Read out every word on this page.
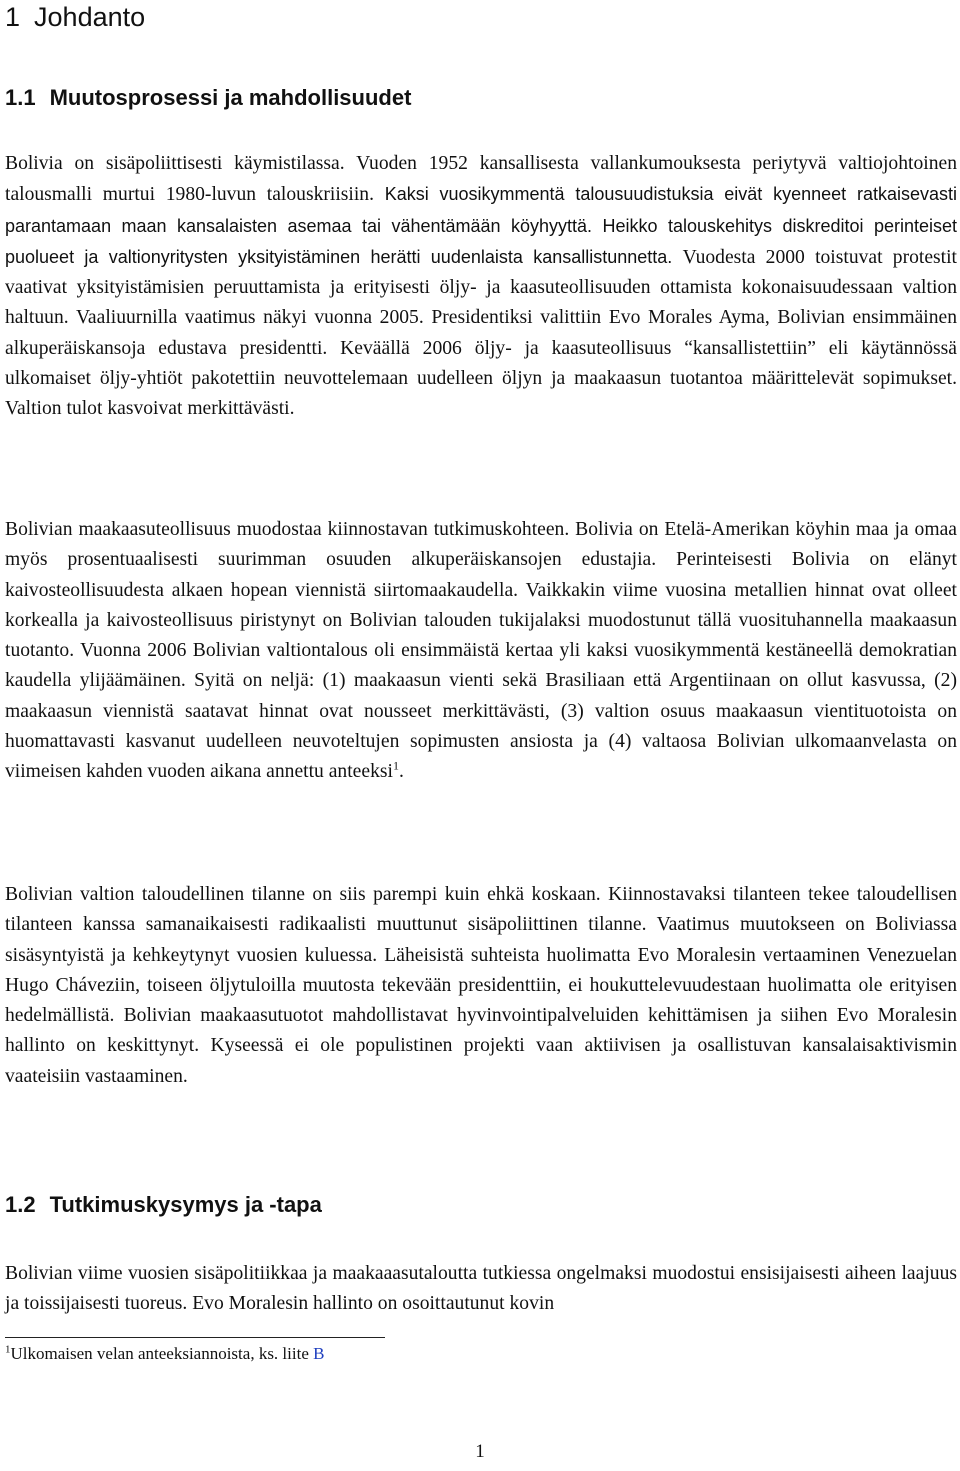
1 Johdanto
1.1 Muutosprosessi ja mahdollisuudet

Bolivia on sisäpoliittisesti käymistilassa. Vuoden 1952 kansallisesta vallankumouksesta periytyvä valtiojohtoinen talousmalli murtui 1980-luvun talouskriisiin. Kaksi vuosikymmentä talousuudistuksia eivät kyenneet ratkaisevasti parantamaan maan kansalaisten asemaa tai vähentämään köyhyyttä. Heikko talouskehitys diskreditoi perinteiset puolueet ja valtionyritysten yksityistäminen herätti uudenlaista kansallistunnetta. Vuodesta 2000 toistuvat protestit vaativat yksityistämisien peruuttamista ja erityisesti öljy- ja kaasuteollisuuden ottamista kokonaisuudessaan valtion haltuun. Vaaliuurnilla vaatimus näkyi vuonna 2005. Presidentiksi valittiin Evo Morales Ayma, Bolivian ensimmäinen alkuperäiskansoja edustava presidentti. Keväällä 2006 öljy- ja kaasuteollisuus “kansallistettiin” eli käytännössä ulkomaiset öljy-yhtiöt pakotettiin neuvottelemaan uudelleen öljyn ja maakaasun tuotantoa määrittelevät sopimukset. Valtion tulot kasvoivat merkittävästi.

Bolivian maakaasuteollisuus muodostaa kiinnostavan tutkimuskohteen. Bolivia on Etelä-Amerikan köyhin maa ja omaa myös prosentuaalisesti suurimman osuuden alkuperäiskansojen edustajia. Perinteisesti Bolivia on elänyt kaivosteollisuudesta alkaen hopean viennistä siirtomaakaudella. Vaikkakin viime vuosina metallien hinnat ovat olleet korkealla ja kaivosteollisuus piristynyt on Bolivian talouden tukijalaksi muodostunut tällä vuosituhannella maakaasun tuotanto. Vuonna 2006 Bolivian valtiontalous oli ensimmäistä kertaa yli kaksi vuosikymmentä kestäneellä demokratian kaudella ylijäämäinen. Syitä on neljä: (1) maakaasun vienti sekä Brasiliaan että Argentiinaan on ollut kasvussa, (2) maakaasun viennistä saatavat hinnat ovat nousseet merkittävästi, (3) valtion osuus maakaasun vientituotoista on huomattavasti kasvanut uudelleen neuvoteltujen sopimusten ansiosta ja (4) valtaosa Bolivian ulkomaanvelasta on viimeisen kahden vuoden aikana annettu anteeksi$^1$.

Bolivian valtion taloudellinen tilanne on siis parempi kuin ehkä koskaan. Kiinnostavaksi tilanteen tekee taloudellisen tilanteen kanssa samanaikaisesti radikaalisti muuttunut sisäpoliittinen tilanne. Vaatimus muutokseen on Boliviassa sisäsyntyistä ja kehkeytynyt vuosien kuluessa. Läheisistä suhteista huolimatta Evo Moralesin vertaaminen Venezuelan Hugo Cháveziin, toiseen öljytuloilla muutosta tekevään presidenttiin, ei houkuttelevuudestaan huolimatta ole erityisen hedelmällistä. Bolivian maakaasutuotot mahdollistavat hyvinvointipalveluiden kehittämisen ja siihen Evo Moralesin hallinto on keskittynyt. Kyseessä ei ole populistinen projekti vaan aktiivisen ja osallistuvan kansalaisaktivismin vaateisiin vastaaminen.

1.2 Tutkimuskysymys ja -tapa

Bolivian viime vuosien sisäpolitiikkaa ja maakaaasutaloutta tutkiessa ongelmaksi muodostui ensisijaisesti aiheen laajuus ja toissijaisesti tuoreus. Evo Moralesin hallinto on osoittautunut kovin

$^1$Ulkomaisen velan anteeksiannoista, ks. liite B
1
